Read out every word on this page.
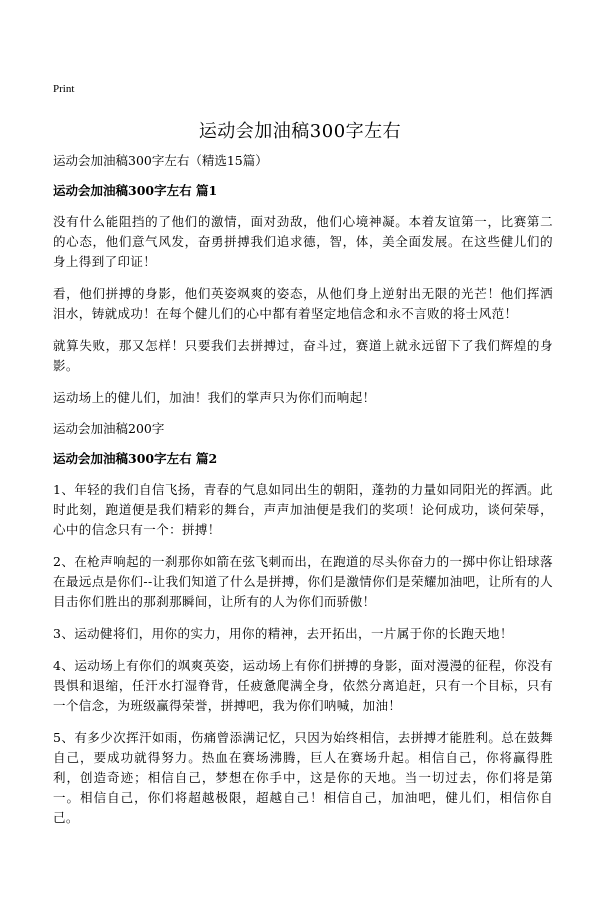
Print
运动会加油稿300字左右
运动会加油稿300字左右（精选15篇）
运动会加油稿300字左右 篇1

没有什么能阻挡的了他们的激情，面对劲敌，他们心境神凝。本着友谊第一，比赛第二的心态，他们意气风发，奋勇拼搏我们追求德，智，体，美全面发展。在这些健儿们的身上得到了印证！

看，他们拼搏的身影，他们英姿飒爽的姿态，从他们身上逆射出无限的光芒！他们挥洒泪水，铸就成功！在每个健儿们的心中都有着坚定地信念和永不言败的将士风范！

就算失败，那又怎样！只要我们去拼搏过，奋斗过，赛道上就永远留下了我们辉煌的身影。

运动场上的健儿们，加油！我们的掌声只为你们而响起！

运动会加油稿200字
运动会加油稿300字左右 篇2

1、年轻的我们自信飞扬，青春的气息如同出生的朝阳，蓬勃的力量如同阳光的挥洒。此时此刻，跑道便是我们精彩的舞台，声声加油便是我们的奖项！论何成功，谈何荣辱，心中的信念只有一个：拼搏！

2、在枪声响起的一刹那你如箭在弦飞刺而出，在跑道的尽头你奋力的一掷中你让铅球落在最远点是你们--让我们知道了什么是拼搏，你们是激情你们是荣耀加油吧，让所有的人目击你们胜出的那刹那瞬间，让所有的人为你们而骄傲！

3、运动健将们，用你的实力，用你的精神，去开拓出，一片属于你的长跑天地！

4、运动场上有你们的飒爽英姿，运动场上有你们拼搏的身影，面对漫漫的征程，你没有畏惧和退缩，任汗水打湿脊背，任疲惫爬满全身，依然分离追赶，只有一个目标，只有一个信念，为班级赢得荣誉，拼搏吧，我为你们呐喊，加油！

5、有多少次挥汗如雨，伤痛曾添满记忆，只因为始终相信，去拼搏才能胜利。总在鼓舞自己，要成功就得努力。热血在赛场沸腾，巨人在赛场升起。相信自己，你将赢得胜利，创造奇迹；相信自己，梦想在你手中，这是你的天地。当一切过去，你们将是第一。相信自己，你们将超越极限，超越自己！相信自己，加油吧，健儿们，相信你自己。
